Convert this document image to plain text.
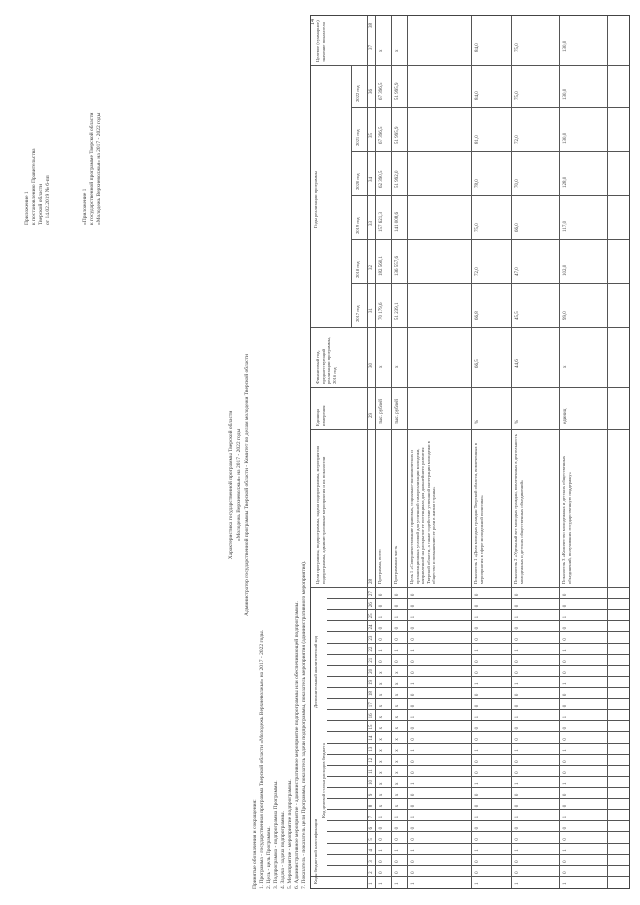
14
Приложение 1 к постановлению Правительства Тверской области от 14.02.2019 № 6-пп	«Приложение 1 к государственной программе Тверской области «Молодежь Верхневолжья» на 2017 - 2022 годы
Характеристика государственной программы Тверской области «Молодежь Верхневолжья» на 2017 - 2022 годы Администратор государственной программы Тверской области - Комитет по делам молодежи Тверской области
Принятые обозначения и сокращения: 1. Программа - государственная программа Тверской области «Молодежь Верхневолжья» на 2017 - 2022 годы. 2. Цель - цель Программы. 3. Подпрограмма - подпрограмма Программы. 4. Задача - задача подпрограммы. 5. Мероприятие - мероприятие подпрограммы. 6. Административное мероприятие - административное мероприятие подпрограммы или обеспечивающей подпрограммы. 7. Показатель - показатель цели Программы, показатель задачи подпрограммы, показатель мероприятия (административного мероприятия). Коды бюджетной классификации
Код целевой статьи расходов бюджета
Дополнительный аналитический код
Цели программы, подпрограммы, задачи подпрограммы, мероприятия подпрограммы, административные мероприятия и их показатели
Единица измерения
Финансовый год, предшествующий реализации программы, 2016 год
Годы реализации программы
Целевое (суммарное) значение показателя
2017 год
2018 год
2019 год
2020 год
2021 год
2022 год
1
0
0
1
0
0
1
x
x
x
x
x
x
x
x
x
x
x
x
x
0
1
0
0
1
0
0
Программа, всего
тыс. рублей
х
70 179,6
182 560,1
157 621,3
62 390,5
67 396,5
67 396,5
x
1
0
0
1
0
0
1
x
x
x
x
x
x
x
x
x
x
x
x
x
0
1
0
0
1
0
0
Программная часть
тыс. рублей
х
51 239,1
136 557,6
141 008,6
51 992,0
51 995,9
51 995,9
x
1
0
0
1
0
0
1
0
0
1
0
0
1
0
0
1
0
0
1
0
0
1
0
0
1
0
0
Цель 1 «Совершенствование правовых, социально-экономических и организационных условий для успешной самореализации молодежи, направленной на раскрытие ее потенциала для дальнейшего развития Тверской области, а также содействие успешной интеграции молодежи в общество и повышению ее роли в жизни страны»
1
0
0
1
0
0
1
0
0
1
0
0
1
0
0
1
0
0
1
0
0
1
0
0
1
0
0
Показатель 1 «Доля молодых граждан Тверской области, вовлеченных в мероприятия в сфере молодежной политики»
%
66,5
66,8
72,0
75,0
78,0
81,0
84,0
84,0
1
0
0
1
0
0
1
0
0
1
0
0
1
0
0
1
0
0
1
0
0
1
0
0
1
0
0
Показатель 2 «Удельный вес молодых граждан, вовлеченных в деятельность молодежных и детских общественных объединений»
%
44,6
45,5
47,0
66,0
70,0
72,0
75,0
75,0
1
0
0
1
0
0
1
0
0
1
0
0
1
0
0
1
0
0
1
0
0
1
0
0
1
0
0
Показатель 3 «Количество молодежных и детских общественных объединений, получивших государственную поддержку»
единиц
х
99,0
102,0
117,0
128,0
130,0
130,0
130,0
1
2
3
4
5
6
7
8
9
10
11
12
13
14
15
16
17
18
19
20
21
22
23
24
25
26
27
28
29
30
31
32
33
34
35
36
37
38
